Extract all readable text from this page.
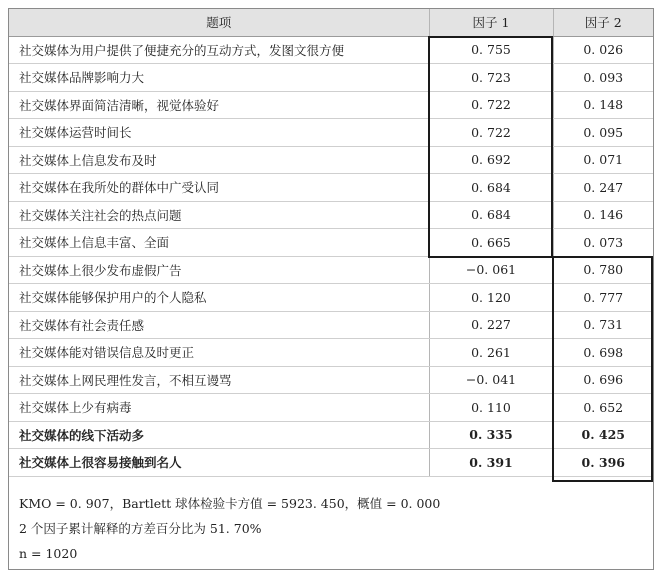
题项	因子 1	因子 2
社交媒体为用户提供了便捷充分的互动方式，发图文很方便	0. 755	0. 026
社交媒体品牌影响力大	0. 723	0. 093
社交媒体界面简洁清晰，视觉体验好	0. 722	0. 148
社交媒体运营时间长	0. 722	0. 095
社交媒体上信息发布及时	0. 692	0. 071
社交媒体在我所处的群体中广受认同	0. 684	0. 247
社交媒体关注社会的热点问题	0. 684	0. 146
社交媒体上信息丰富、全面	0. 665	0. 073
社交媒体上很少发布虚假广告	−0. 061	0. 780
社交媒体能够保护用户的个人隐私	0. 120	0. 777
社交媒体有社会责任感	0. 227	0. 731
社交媒体能对错误信息及时更正	0. 261	0. 698
社交媒体上网民理性发言，不相互谩骂	−0. 041	0. 696
社交媒体上少有病毒	0. 110	0. 652
社交媒体的线下活动多	0. 335	0. 425
社交媒体上很容易接触到名人	0. 391	0. 396
KMO = 0. 907，Bartlett 球体检验卡方值 = 5923. 450，概值 = 0. 000
2 个因子累计解释的方差百分比为 51. 70%
n = 1020
